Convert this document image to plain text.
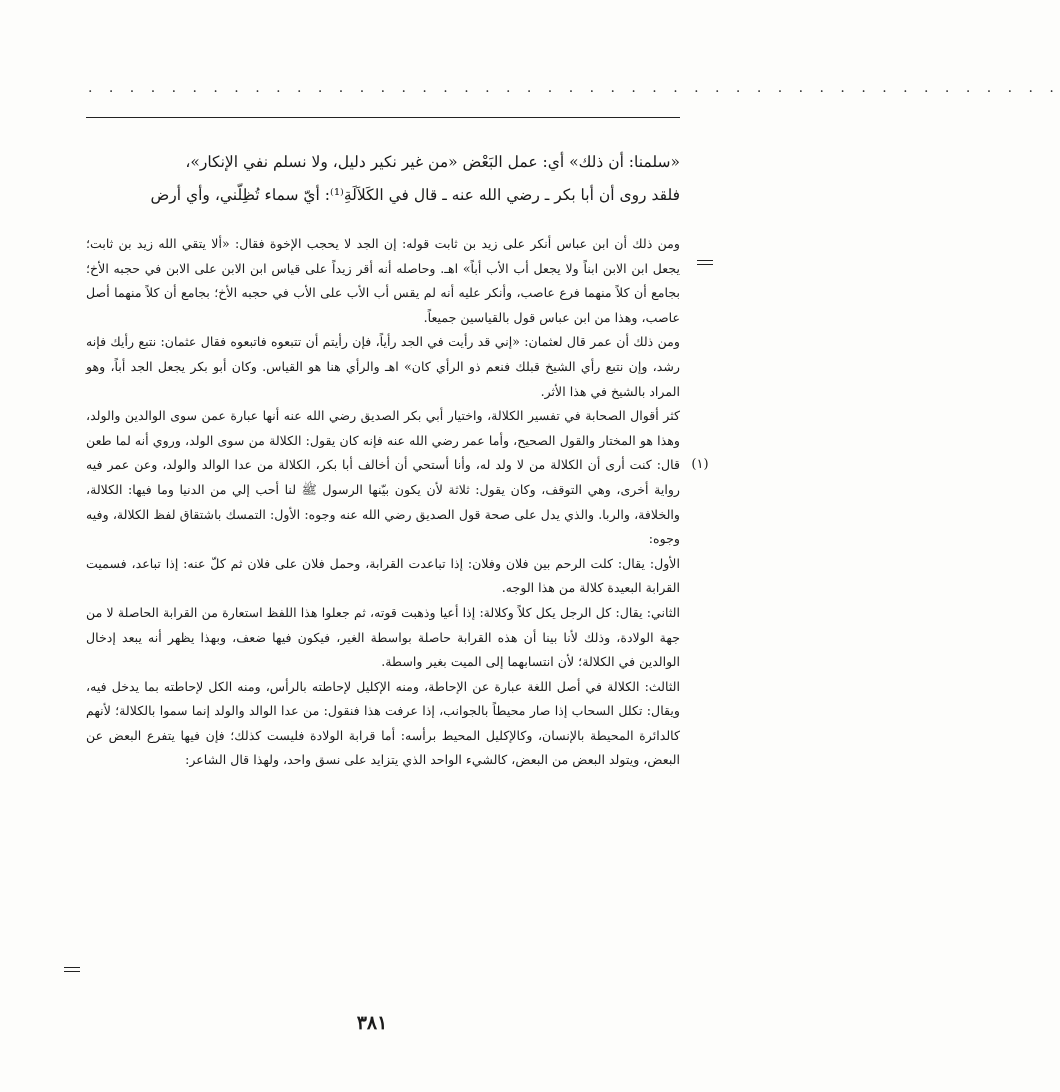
. . . . . . . . . . . . . . . . . . . . . . . . . . . . . . . . . . . . . . . . . . . . . . .

«سلمنا: أن ذلك» أي: عمل البَعْض «من غير نكير دليل، ولا نسلم نفي الإنكار»،

فلقد روى أن أبا بكر ـ رضي الله عنه ـ قال في الكَلاَلَةِ⁽¹⁾: أيّ سماء تُظِلّني، وأي أرض

ومن ذلك أن ابن عباس أنكر على زيد بن ثابت قوله: إن الجد لا يحجب الإخوة فقال: «ألا يتقي الله زيد بن ثابت؛ يجعل ابن الابن ابناً ولا يجعل أب الأب أباً» اهـ. وحاصله أنه أقر زيداً على قياس ابن الابن على الابن في حجبه الأخ؛ بجامع أن كلاً منهما فرع عاصب، وأنكر عليه أنه لم يقس أب الأب على الأب في حجبه الأخ؛ بجامع أن كلاً منهما أصل عاصب، وهذا من ابن عباس قول بالقياسين جميعاً.

ومن ذلك أن عمر قال لعثمان: «إني قد رأيت في الجد رأياً، فإن رأيتم أن تتبعوه فاتبعوه فقال عثمان: نتبع رأيك فإنه رشد، وإن نتبع رأي الشيخ قبلك فنعم ذو الرأي كان» اهـ والرأي هنا هو القياس. وكان أبو بكر يجعل الجد أباً، وهو المراد بالشيخ في هذا الأثر.

كثر أقوال الصحابة في تفسير الكلالة، واختيار أبي بكر الصديق رضي الله عنه أنها عبارة عمن سوى الوالدين والولد، وهذا هو المختار والقول الصحيح، وأما عمر رضي الله عنه فإنه كان يقول: الكلالة من سوى الولد، وروي أنه لما طعن قال: كنت أرى أن الكلالة من لا ولد له، وأنا أستحي أن أخالف أبا بكر، الكلالة من عدا الوالد والولد، وعن عمر فيه رواية أخرى، وهي التوقف، وكان يقول: ثلاثة لأن يكون بيّنها الرسول ﷺ لنا أحب إلي من الدنيا وما فيها: الكلالة، والخلافة، والربا. والذي يدل على صحة قول الصديق رضي الله عنه وجوه: الأول: التمسك باشتقاق لفظ الكلالة، وفيه وجوه:

الأول: يقال: كلت الرحم بين فلان وفلان: إذا تباعدت القرابة، وحمل فلان على فلان ثم كلّ عنه: إذا تباعد، فسميت القرابة البعيدة كلالة من هذا الوجه.

الثاني: يقال: كل الرجل يكل كلاً وكلالة: إذا أعيا وذهبت قوته، ثم جعلوا هذا اللفظ استعارة من القرابة الحاصلة لا من جهة الولادة، وذلك لأنا بينا أن هذه القرابة حاصلة بواسطة الغير، فيكون فيها ضعف، وبهذا يظهر أنه يبعد إدخال الوالدين في الكلالة؛ لأن انتسابهما إلى الميت بغير واسطة.

الثالث: الكلالة في أصل اللغة عبارة عن الإحاطة، ومنه الإكليل لإحاطته بالرأس، ومنه الكل لإحاطته بما يدخل فيه، ويقال: تكلل السحاب إذا صار محيطاً بالجوانب، إذا عرفت هذا فنقول: من عدا الوالد والولد إنما سموا بالكلالة؛ لأنهم كالدائرة المحيطة بالإنسان، وكالإكليل المحيط برأسه: أما قرابة الولادة فليست كذلك؛ فإن فيها يتفرع البعض عن البعض، ويتولد البعض من البعض، كالشيء الواحد الذي يتزايد على نسق واحد، ولهذا قال الشاعر:

(١)
٣٨١
